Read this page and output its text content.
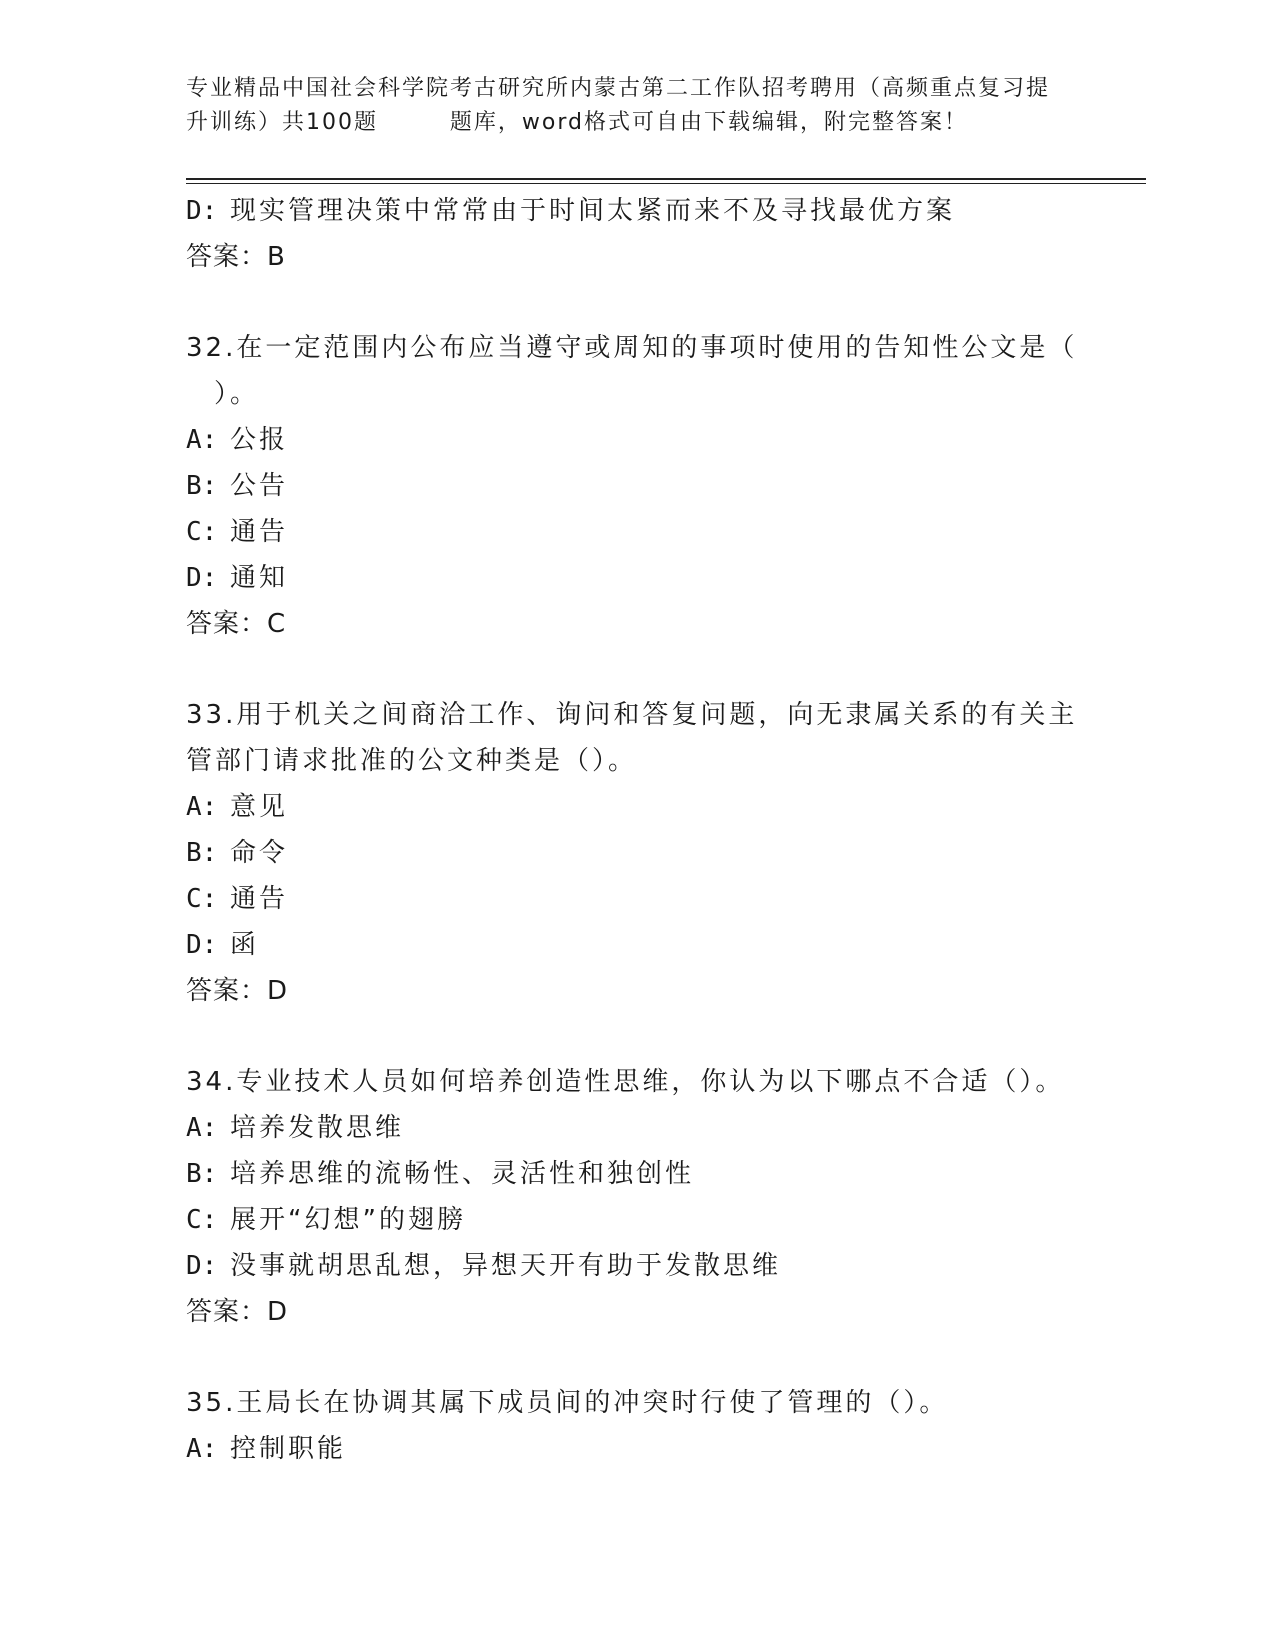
专业精品中国社会科学院考古研究所内蒙古第二工作队招考聘用（高频重点复习提
升训练）共100题        题库，word格式可自由下载编辑，附完整答案！
D: 现实管理决策中常常由于时间太紧而来不及寻找最优方案
答案：B
32.在一定范围内公布应当遵守或周知的事项时使用的告知性公文是（
）。
A: 公报
B: 公告
C: 通告
D: 通知
答案：C
33.用于机关之间商洽工作、询问和答复问题，向无隶属关系的有关主
管部门请求批准的公文种类是（）。
A: 意见
B: 命令
C: 通告
D: 函
答案：D
34.专业技术人员如何培养创造性思维，你认为以下哪点不合适（）。
A: 培养发散思维
B: 培养思维的流畅性、灵活性和独创性
C: 展开“幻想”的翅膀
D: 没事就胡思乱想，异想天开有助于发散思维
答案：D
35.王局长在协调其属下成员间的冲突时行使了管理的（）。
A: 控制职能
